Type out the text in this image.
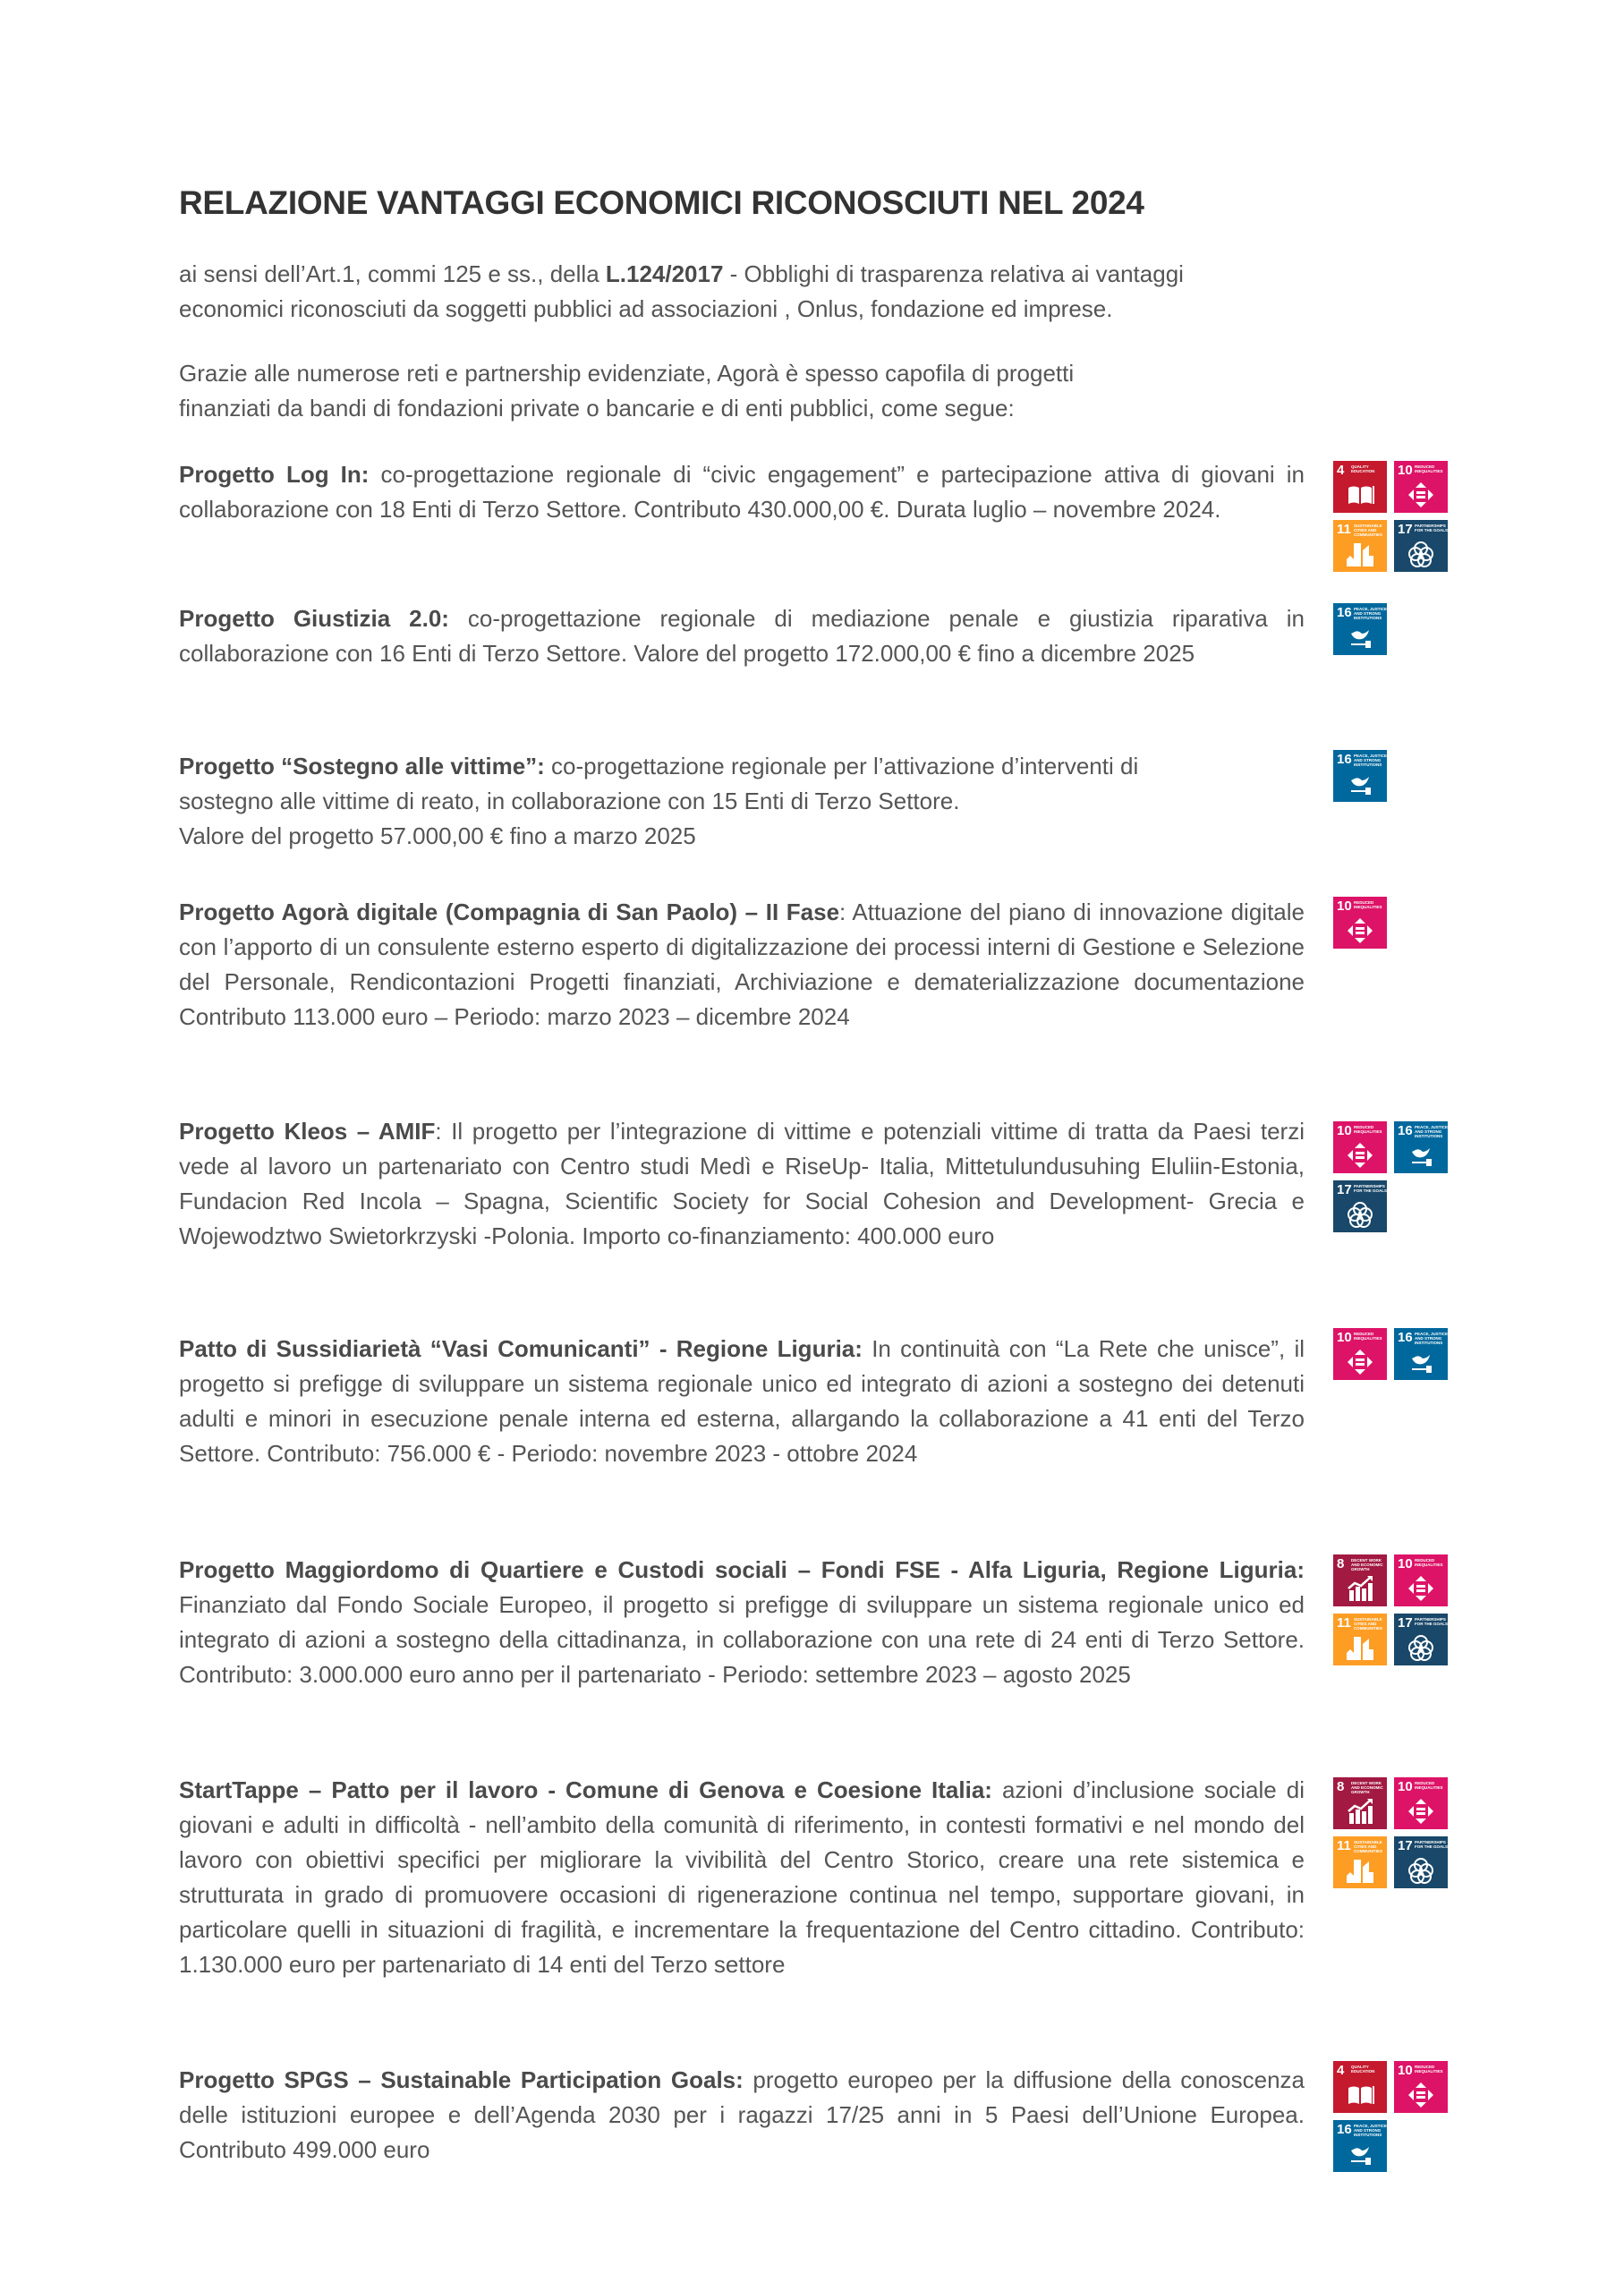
RELAZIONE VANTAGGI ECONOMICI RICONOSCIUTI NEL 2024

ai sensi dell’Art.1, commi 125 e ss., della L.124/2017 - Obblighi di trasparenza relativa ai vantaggi
economici riconosciuti da soggetti pubblici ad associazioni , Onlus, fondazione ed imprese.

Grazie alle numerose reti e partnership evidenziate, Agorà è spesso capofila di progetti
finanziati da bandi di fondazioni private o bancarie e di enti pubblici, come segue:

Progetto Log In: co-progettazione regionale di “civic engagement” e partecipazione attiva di giovani in collaborazione con 18 Enti di Terzo Settore. Contributo 430.000,00 €. Durata luglio – novembre 2024.

4 QUALITY EDUCATION	10 REDUCED INEQUALITIES
11 SUSTAINABLE CITIES AND COMMUNITIES	17 PARTNERSHIPS FOR THE GOALS

Progetto Giustizia 2.0: co-progettazione regionale di mediazione penale e giustizia riparativa in collaborazione con 16 Enti di Terzo Settore. Valore del progetto 172.000,00 € fino a dicembre 2025

16 PEACE, JUSTICE AND STRONG INSTITUTIONS

Progetto “Sostegno alle vittime”: co-progettazione regionale per l’attivazione d’interventi di
sostegno alle vittime di reato, in collaborazione con 15 Enti di Terzo Settore.
Valore del progetto 57.000,00 € fino a marzo 2025

16 PEACE, JUSTICE AND STRONG INSTITUTIONS

Progetto Agorà digitale (Compagnia di San Paolo) – II Fase: Attuazione del piano di innovazione digitale con l’apporto di un consulente esterno esperto di digitalizzazione dei processi interni di Gestione e Selezione del Personale, Rendicontazioni Progetti finanziati, Archiviazione e dematerializzazione documentazione Contributo 113.000 euro – Periodo: marzo 2023 – dicembre 2024

10 REDUCED INEQUALITIES

Progetto Kleos – AMIF: Il progetto per l’integrazione di vittime e potenziali vittime di tratta da Paesi terzi vede al lavoro un partenariato con Centro studi Medì e RiseUp- Italia, Mittetulundusuhing Eluliin-Estonia, Fundacion Red Incola – Spagna, Scientific Society for Social Cohesion and Development- Grecia e Wojewodztwo Swietorkrzyski -Polonia. Importo co-finanziamento: 400.000 euro

10 REDUCED INEQUALITIES	16 PEACE, JUSTICE AND STRONG INSTITUTIONS
17 PARTNERSHIPS FOR THE GOALS

Patto di Sussidiarietà “Vasi Comunicanti” - Regione Liguria: In continuità con “La Rete che unisce”, il progetto si prefigge di sviluppare un sistema regionale unico ed integrato di azioni a sostegno dei detenuti adulti e minori in esecuzione penale interna ed esterna, allargando la collaborazione a 41 enti del Terzo Settore. Contributo: 756.000 € - Periodo: novembre 2023 - ottobre 2024

10 REDUCED INEQUALITIES	16 PEACE, JUSTICE AND STRONG INSTITUTIONS

Progetto Maggiordomo di Quartiere e Custodi sociali – Fondi FSE - Alfa Liguria, Regione Liguria: Finanziato dal Fondo Sociale Europeo, il progetto si prefigge di sviluppare un sistema regionale unico ed integrato di azioni a sostegno della cittadinanza, in collaborazione con una rete di 24 enti di Terzo Settore. Contributo: 3.000.000 euro anno per il partenariato - Periodo: settembre 2023 – agosto 2025

8 DECENT WORK AND ECONOMIC GROWTH	10 REDUCED INEQUALITIES
11 SUSTAINABLE CITIES AND COMMUNITIES	17 PARTNERSHIPS FOR THE GOALS

StartTappe – Patto per il lavoro - Comune di Genova e Coesione Italia: azioni d’inclusione sociale di giovani e adulti in difficoltà - nell’ambito della comunità di riferimento, in contesti formativi e nel mondo del lavoro con obiettivi specifici per migliorare la vivibilità del Centro Storico, creare una rete sistemica e strutturata in grado di promuovere occasioni di rigenerazione continua nel tempo, supportare giovani, in particolare quelli in situazioni di fragilità, e incrementare la frequentazione del Centro cittadino. Contributo: 1.130.000 euro per partenariato di 14 enti del Terzo settore

8 DECENT WORK AND ECONOMIC GROWTH	10 REDUCED INEQUALITIES
11 SUSTAINABLE CITIES AND COMMUNITIES	17 PARTNERSHIPS FOR THE GOALS

Progetto SPGS – Sustainable Participation Goals: progetto europeo per la diffusione della conoscenza delle istituzioni europee e dell’Agenda 2030 per i ragazzi 17/25 anni in 5 Paesi dell’Unione Europea. Contributo 499.000 euro

4 QUALITY EDUCATION	10 REDUCED INEQUALITIES
16 PEACE, JUSTICE AND STRONG INSTITUTIONS
